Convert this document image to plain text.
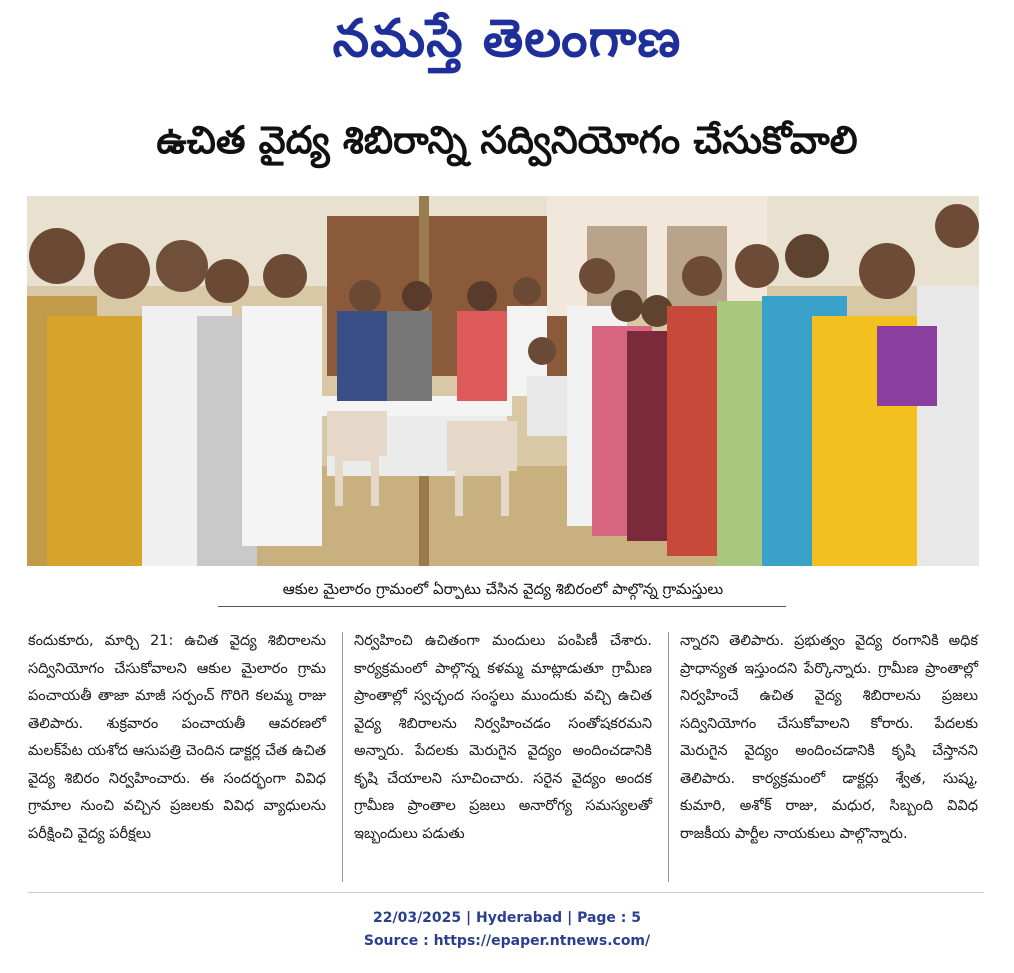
నమస్తే తెలంగాణ
ఉచిత వైద్య శిబిరాన్ని సద్వినియోగం చేసుకోవాలి
ఆకుల మైలారం గ్రామంలో ఏర్పాటు చేసిన వైద్య శిబిరంలో పాల్గొన్న గ్రామస్తులు
కందుకూరు, మార్చి 21: ఉచిత వైద్య శిబిరాలను సద్వినియోగం చేసుకోవాలని ఆకుల మైలారం గ్రామ పంచాయతీ తాజా మాజీ సర్పంచ్ గొరిగె కలమ్మ రాజు తెలిపారు. శుక్రవారం పంచాయతీ ఆవరణలో మలక్‌పేట యశోద ఆసుపత్రి చెందిన డాక్టర్ల చేత ఉచిత వైద్య శిబిరం నిర్వహించారు. ఈ సందర్భంగా వివిధ గ్రామాల నుంచి వచ్చిన ప్రజలకు వివిధ వ్యాధులను పరీక్షించి వైద్య పరీక్షలు
నిర్వహించి ఉచితంగా మందులు పంపిణీ చేశారు. కార్యక్రమంలో పాల్గొన్న కళమ్మ మాట్లాడుతూ గ్రామీణ ప్రాంతాల్లో స్వచ్ఛంద సంస్థలు ముందుకు వచ్చి ఉచిత వైద్య శిబిరాలను నిర్వహించడం సంతోషకరమని అన్నారు. పేదలకు మెరుగైన వైద్యం అందించడానికి కృషి చేయాలని సూచించారు. సరైన వైద్యం అందక గ్రామీణ ప్రాంతాల ప్రజలు అనారోగ్య సమస్యలతో ఇబ్బందులు పడుతు
న్నారని తెలిపారు. ప్రభుత్వం వైద్య రంగానికి అధిక ప్రాధాన్యత ఇస్తుందని పేర్కొన్నారు. గ్రామీణ ప్రాంతాల్లో నిర్వహించే ఉచిత వైద్య శిబిరాలను ప్రజలు సద్వినియోగం చేసుకోవాలని కోరారు. పేదలకు మెరుగైన వైద్యం అందించడానికి కృషి చేస్తానని తెలిపారు. కార్యక్రమంలో డాక్టర్లు శ్వేత, సుష్మ, కుమారి, అశోక్ రాజు, మధుర, సిబ్బంది వివిధ రాజకీయ పార్టీల నాయకులు పాల్గొన్నారు.
22/03/2025 | Hyderabad | Page : 5
Source : https://epaper.ntnews.com/
